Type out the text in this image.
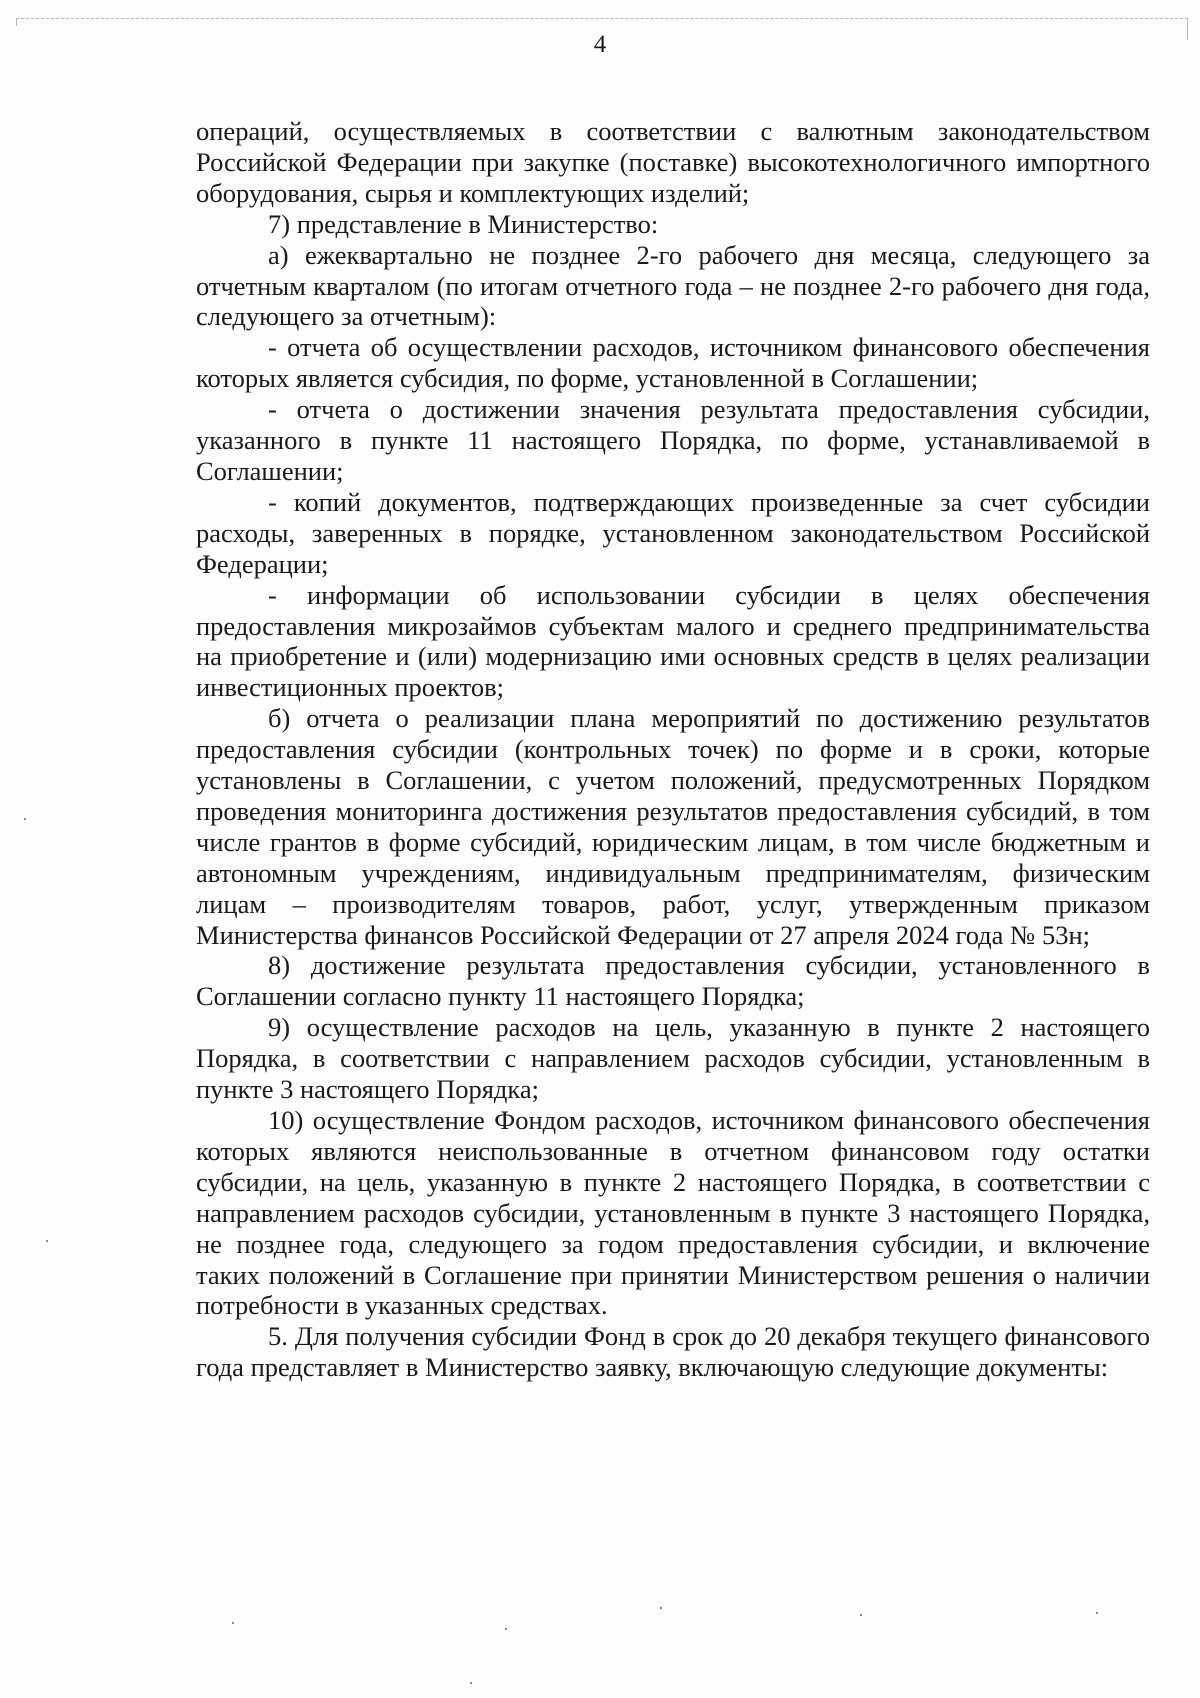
4

операций, осуществляемых в соответствии с валютным законодательством Российской Федерации при закупке (поставке) высокотехнологичного импортного оборудования, сырья и комплектующих изделий;

7) представление в Министерство:

а) ежеквартально не позднее 2-го рабочего дня месяца, следующего за отчетным кварталом (по итогам отчетного года – не позднее 2-го рабочего дня года, следующего за отчетным):

- отчета об осуществлении расходов, источником финансового обеспечения которых является субсидия, по форме, установленной в Соглашении;

- отчета о достижении значения результата предоставления субсидии, указанного в пункте 11 настоящего Порядка, по форме, устанавливаемой в Соглашении;

- копий документов, подтверждающих произведенные за счет субсидии расходы, заверенных в порядке, установленном законодательством Российской Федерации;

- информации об использовании субсидии в целях обеспечения предоставления микрозаймов субъектам малого и среднего предпринимательства на приобретение и (или) модернизацию ими основных средств в целях реализации инвестиционных проектов;

б) отчета о реализации плана мероприятий по достижению результатов предоставления субсидии (контрольных точек) по форме и в сроки, которые установлены в Соглашении, с учетом положений, предусмотренных Порядком проведения мониторинга достижения результатов предоставления субсидий, в том числе грантов в форме субсидий, юридическим лицам, в том числе бюджетным и автономным учреждениям, индивидуальным предпринимателям, физическим лицам – производителям товаров, работ, услуг, утвержденным приказом Министерства финансов Российской Федерации от 27 апреля 2024 года № 53н;

8) достижение результата предоставления субсидии, установленного в Соглашении согласно пункту 11 настоящего Порядка;

9) осуществление расходов на цель, указанную в пункте 2 настоящего Порядка, в соответствии с направлением расходов субсидии, установленным в пункте 3 настоящего Порядка;

10) осуществление Фондом расходов, источником финансового обеспечения которых являются неиспользованные в отчетном финансовом году остатки субсидии, на цель, указанную в пункте 2 настоящего Порядка, в соответствии с направлением расходов субсидии, установленным в пункте 3 настоящего Порядка, не позднее года, следующего за годом предоставления субсидии, и включение таких положений в Соглашение при принятии Министерством решения о наличии потребности в указанных средствах.

5. Для получения субсидии Фонд в срок до 20 декабря текущего финансового года представляет в Министерство заявку, включающую следующие документы:
